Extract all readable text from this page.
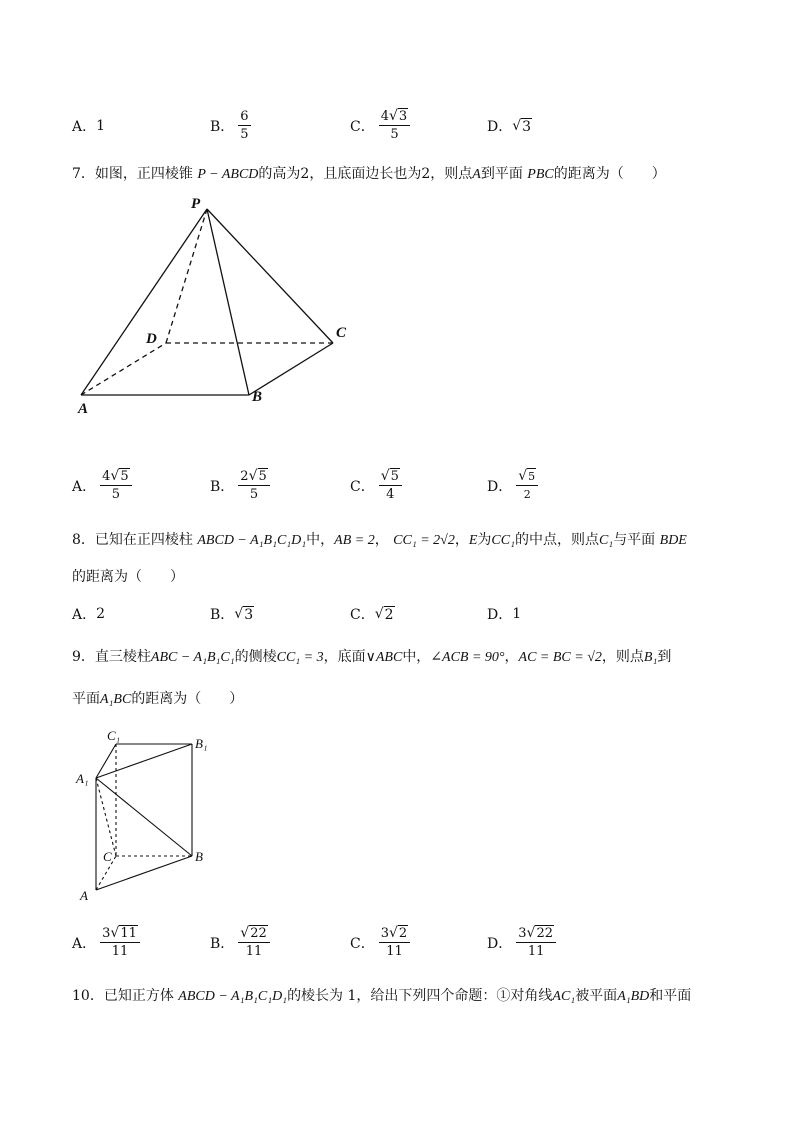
A． 1	B． $\frac{6}{5}$	C． $\frac{4 √ 3}{5}$	D． √ 3
7．如图，正四棱锥 P − ABCD的高为2，且底面边长也为2，则点A到平面 PBC的距离为（　　）
P
D	C
A
B
A． $\frac{4 √ 5}{5}$	B． $\frac{2 √ 5}{5}$	C． $\frac{√ 5}{4}$	D． $\frac{√ 5}{2}$
8．已知在正四棱柱 ABCD − A₁B₁C₁D₁中，AB = 2， CC₁ = 2√2，E为CC₁的中点，则点C₁与平面 BDE
的距离为（　　）
A． 2	B． √ 3	C． √ 2	D． 1
9．直三棱柱ABC − A₁B₁C₁的侧棱CC₁ = 3，底面∨ABC中，∠ACB = 90°，AC = BC = √2，则点B₁到
平面A₁BC的距离为（　　）
C₁
B₁
A₁
C	B
A
A． $\frac{3 √ 11}{11}$	B． $\frac{√ 22}{11}$	C． $\frac{3 √ 2}{11}$	D． $\frac{3 √ 22}{11}$
10．已知正方体 ABCD − A₁B₁C₁D₁的棱长为 1，给出下列四个命题：①对角线AC₁被平面A₁BD和平面
